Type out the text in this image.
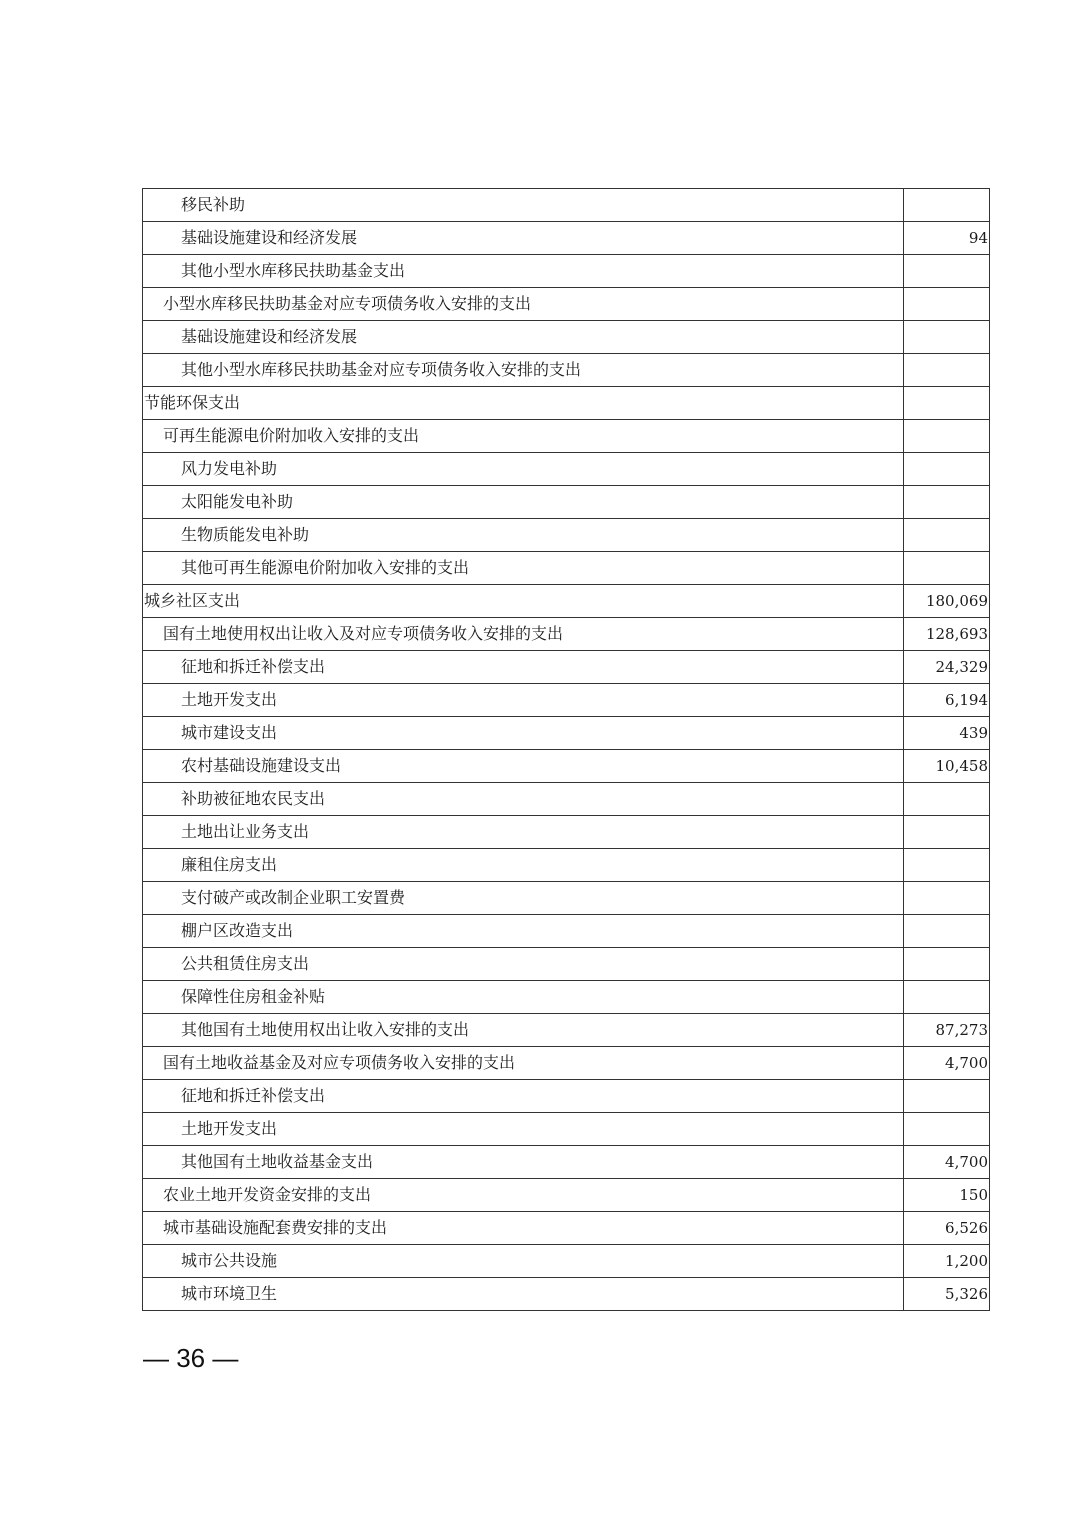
移民补助	
基础设施建设和经济发展	94
其他小型水库移民扶助基金支出	
小型水库移民扶助基金对应专项债务收入安排的支出	
基础设施建设和经济发展	
其他小型水库移民扶助基金对应专项债务收入安排的支出	
节能环保支出	
可再生能源电价附加收入安排的支出	
风力发电补助	
太阳能发电补助	
生物质能发电补助	
其他可再生能源电价附加收入安排的支出	
城乡社区支出	180,069
国有土地使用权出让收入及对应专项债务收入安排的支出	128,693
征地和拆迁补偿支出	24,329
土地开发支出	6,194
城市建设支出	439
农村基础设施建设支出	10,458
补助被征地农民支出	
土地出让业务支出	
廉租住房支出	
支付破产或改制企业职工安置费	
棚户区改造支出	
公共租赁住房支出	
保障性住房租金补贴	
其他国有土地使用权出让收入安排的支出	87,273
国有土地收益基金及对应专项债务收入安排的支出	4,700
征地和拆迁补偿支出	
土地开发支出	
其他国有土地收益基金支出	4,700
农业土地开发资金安排的支出	150
城市基础设施配套费安排的支出	6,526
城市公共设施	1,200
城市环境卫生	5,326
— 36 —
